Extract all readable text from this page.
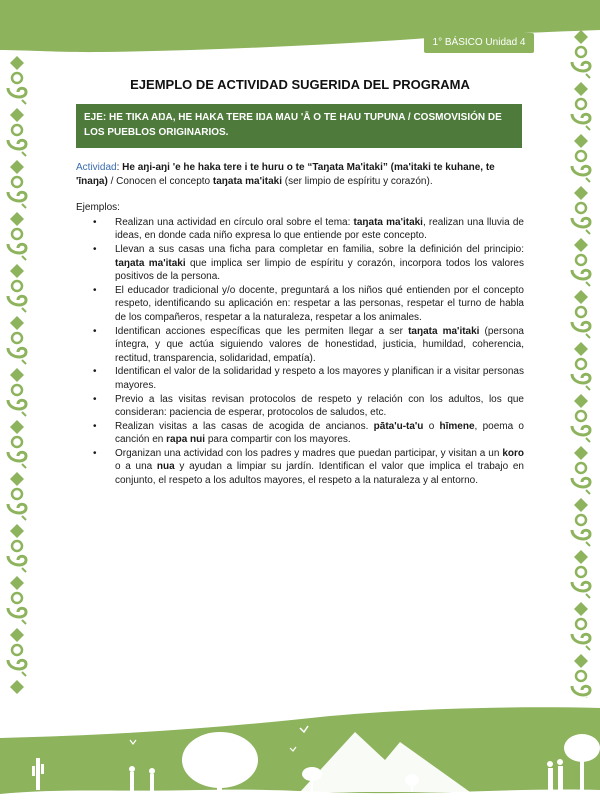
1° BÁSICO Unidad 4
EJEMPLO DE ACTIVIDAD SUGERIDA DEL PROGRAMA
EJE: HE TIKA AŊA, HE HAKA TERE IŊA MAU 'Ā O TE HAU TUPUNA / COSMOVISIÓN DE LOS PUEBLOS ORIGINARIOS.

Actividad: He aŋi-aŋi 'e he haka tere i te huru o te “Taŋata Ma'itaki” (ma'itaki te kuhane, te 'īnaŋa) / Conocen el concepto taŋata ma'itaki (ser limpio de espíritu y corazón).

Ejemplos:

• Realizan una actividad en círculo oral sobre el tema: taŋata ma'itaki, realizan una lluvia de ideas, en donde cada niño expresa lo que entiende por este concepto.
• Llevan a sus casas una ficha para completar en familia, sobre la definición del principio: taŋata ma'itaki que implica ser limpio de espíritu y corazón, incorpora todos los valores positivos de la persona.
• El educador tradicional y/o docente, preguntará a los niños qué entienden por el concepto respeto, identificando su aplicación en: respetar a las personas, respetar el turno de habla de los compañeros, respetar a la naturaleza, respetar a los animales.
• Identifican acciones específicas que les permiten llegar a ser taŋata ma'itaki (persona íntegra, y que actúa siguiendo valores de honestidad, justicia, humildad, coherencia, rectitud, transparencia, solidaridad, empatía).
• Identifican el valor de la solidaridad y respeto a los mayores y planifican ir a visitar personas mayores.
• Previo a las visitas revisan protocolos de respeto y relación con los adultos, los que consideran: paciencia de esperar, protocolos de saludos, etc.
• Realizan visitas a las casas de acogida de ancianos. pāta'u-ta'u o hīmene, poema o canción en rapa nui para compartir con los mayores.
• Organizan una actividad con los padres y madres que puedan participar, y visitan a un koro o a una nua y ayudan a limpiar su jardín. Identifican el valor que implica el trabajo en conjunto, el respeto a los adultos mayores, el respeto a la naturaleza y al entorno.
